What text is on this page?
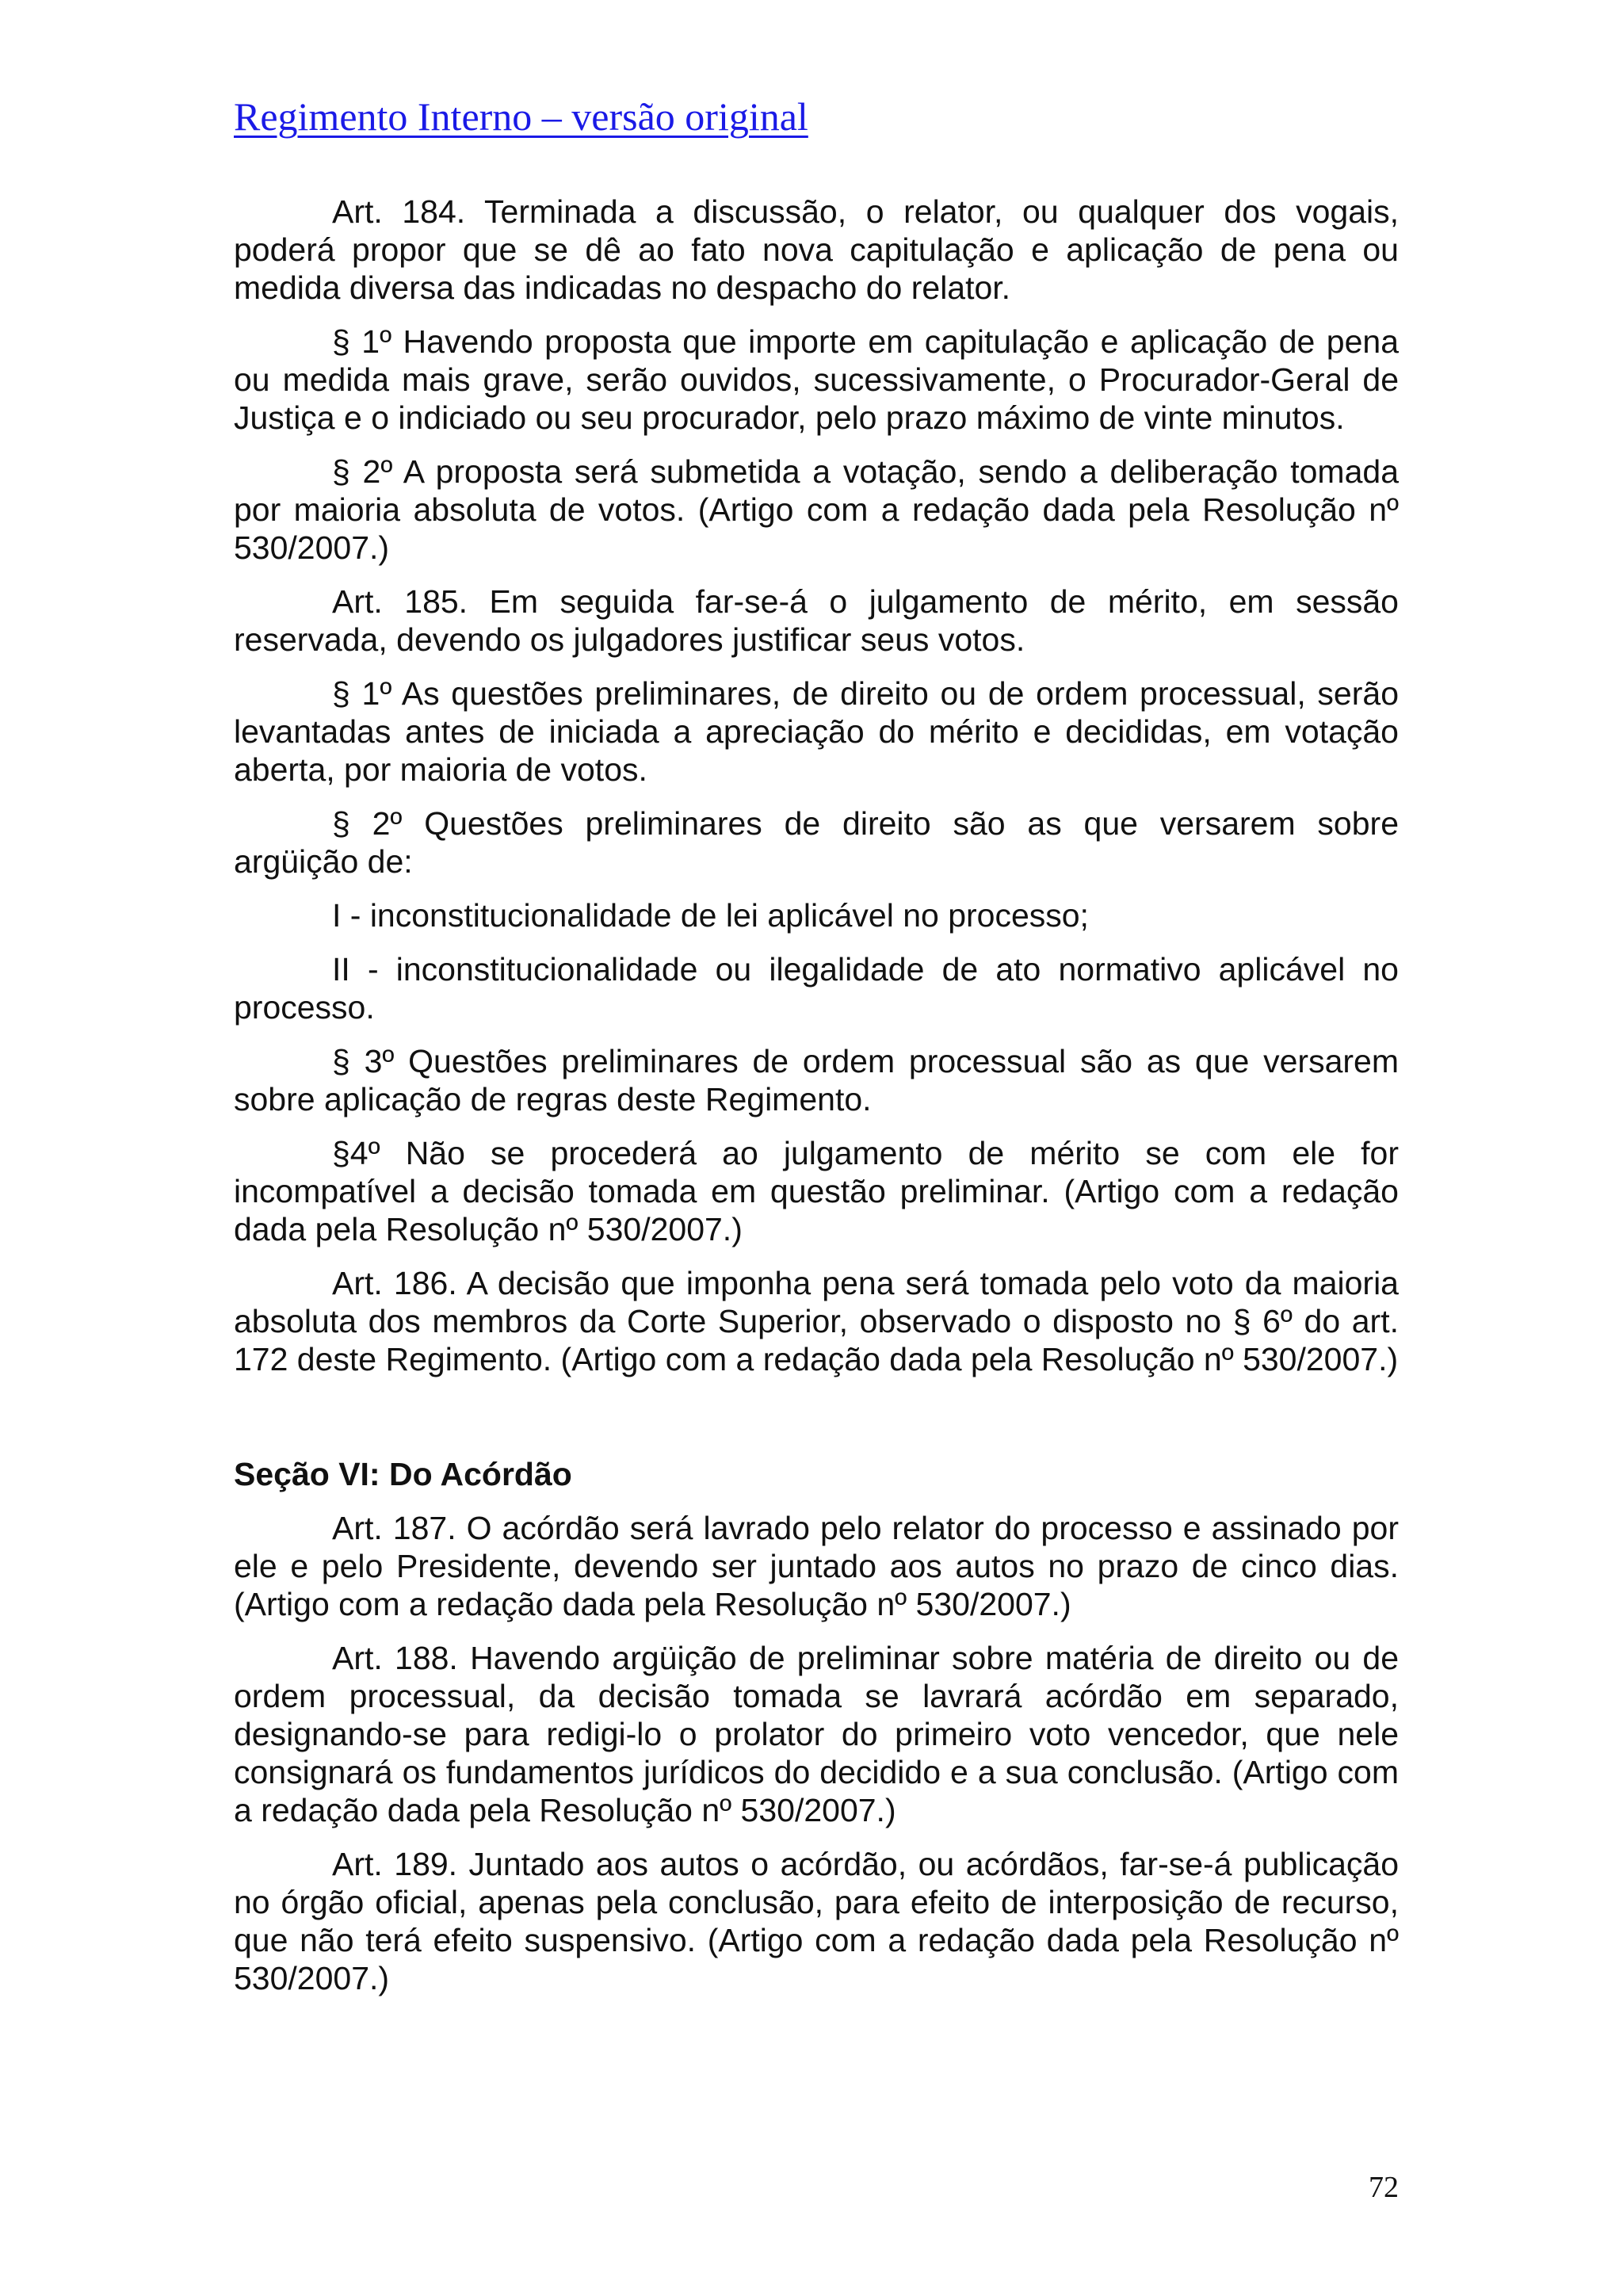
Regimento Interno – versão original

Art. 184. Terminada a discussão, o relator, ou qualquer dos vogais, poderá propor que se dê ao fato nova capitulação e aplicação de pena ou medida diversa das indicadas no despacho do relator.

§ 1º Havendo proposta que importe em capitulação e aplicação de pena ou medida mais grave, serão ouvidos, sucessivamente, o Procurador-Geral de Justiça e o indiciado ou seu procurador, pelo prazo máximo de vinte minutos.

§ 2º A proposta será submetida a votação, sendo a deliberação tomada por maioria absoluta de votos. (Artigo com a redação dada pela Resolução nº 530/2007.)

Art. 185. Em seguida far-se-á o julgamento de mérito, em sessão reservada, devendo os julgadores justificar seus votos.

§ 1º As questões preliminares, de direito ou de ordem processual, serão levantadas antes de iniciada a apreciação do mérito e decididas, em votação aberta, por maioria de votos.

§ 2º Questões preliminares de direito são as que versarem sobre argüição de:

I - inconstitucionalidade de lei aplicável no processo;

II - inconstitucionalidade ou ilegalidade de ato normativo aplicável no processo.

§ 3º Questões preliminares de ordem processual são as que versarem sobre aplicação de regras deste Regimento.

§4º Não se procederá ao julgamento de mérito se com ele for incompatível a decisão tomada em questão preliminar. (Artigo com a redação dada pela Resolução nº 530/2007.)

Art. 186. A decisão que imponha pena será tomada pelo voto da maioria absoluta dos membros da Corte Superior, observado o disposto no § 6º do art. 172 deste Regimento. (Artigo com a redação dada pela Resolução nº 530/2007.)

Seção VI: Do Acórdão

Art. 187. O acórdão será lavrado pelo relator do processo e assinado por ele e pelo Presidente, devendo ser juntado aos autos no prazo de cinco dias. (Artigo com a redação dada pela Resolução nº 530/2007.)

Art. 188. Havendo argüição de preliminar sobre matéria de direito ou de ordem processual, da decisão tomada se lavrará acórdão em separado, designando-se para redigi-lo o prolator do primeiro voto vencedor, que nele consignará os fundamentos jurídicos do decidido e a sua conclusão. (Artigo com a redação dada pela Resolução nº 530/2007.)

Art. 189. Juntado aos autos o acórdão, ou acórdãos, far-se-á publicação no órgão oficial, apenas pela conclusão, para efeito de interposição de recurso, que não terá efeito suspensivo. (Artigo com a redação dada pela Resolução nº 530/2007.)

72
